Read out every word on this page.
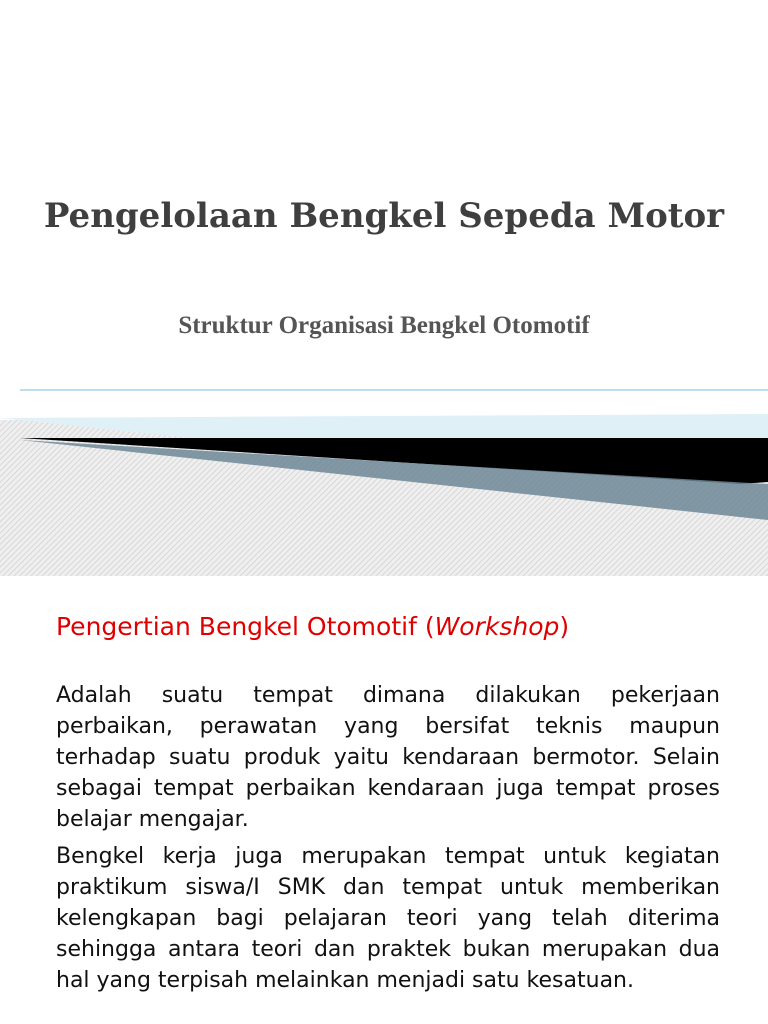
Pengelolaan Bengkel Sepeda Motor
Struktur Organisasi Bengkel Otomotif
Pengertian Bengkel Otomotif (Workshop)

Adalah suatu tempat dimana dilakukan pekerjaan perbaikan, perawatan yang bersifat teknis maupun terhadap suatu produk yaitu kendaraan bermotor. Selain sebagai tempat perbaikan kendaraan juga tempat proses belajar mengajar.

Bengkel kerja juga merupakan tempat untuk kegiatan praktikum siswa/I SMK dan tempat untuk memberikan kelengkapan bagi pelajaran teori yang telah diterima sehingga antara teori dan praktek bukan merupakan dua hal yang terpisah melainkan menjadi satu kesatuan.
